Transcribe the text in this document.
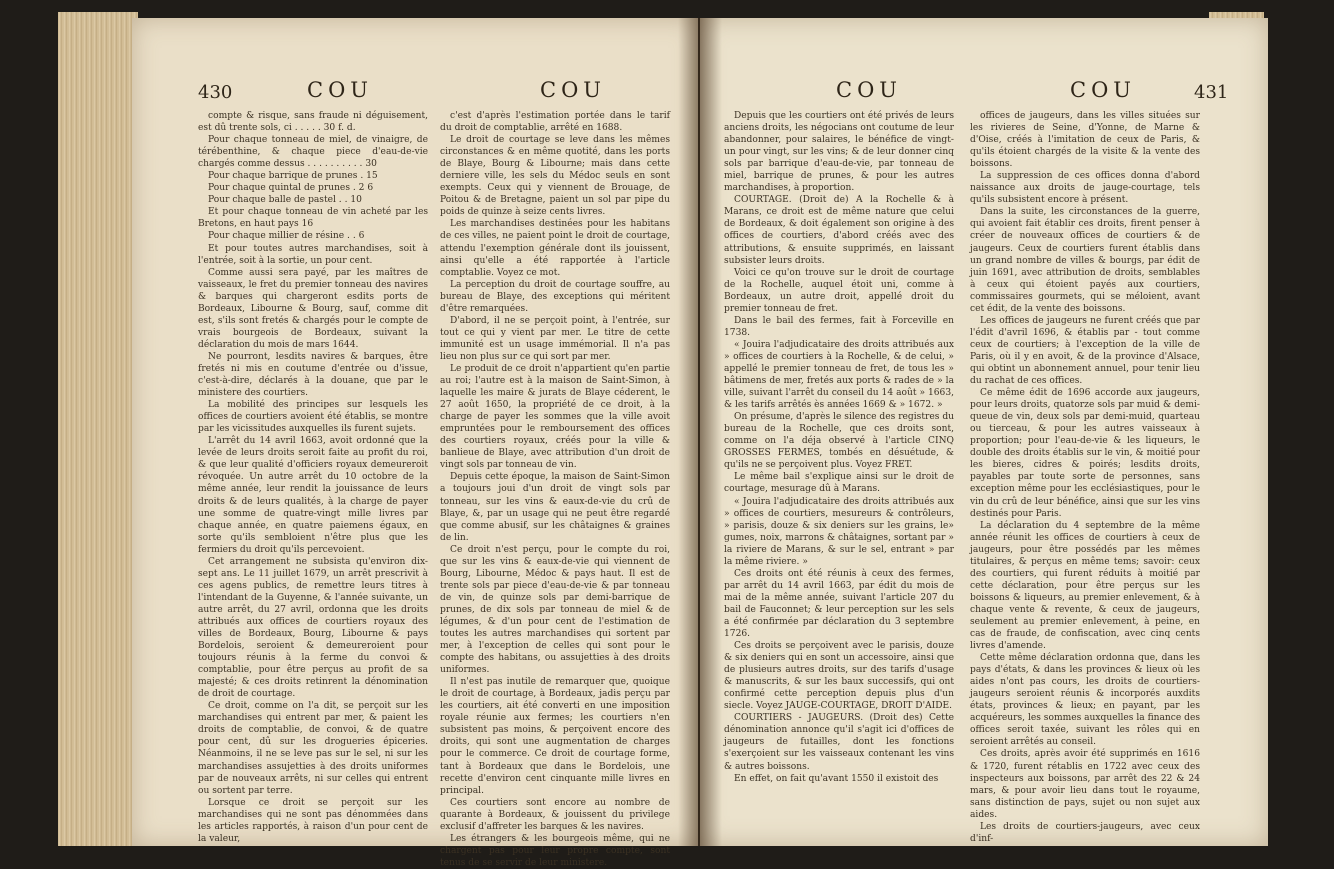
430	COU	COU

compte & risque, sans fraude ni déguisement, est dû trente sols, ci . . . . . 30 f. d.

Pour chaque tonneau de miel, de vinaigre, de térébenthine, & chaque piece d'eau-de-vie chargés comme dessus . . . . . . . . . . 30

Pour chaque barrique de prunes . 15

Pour chaque quintal de prunes . 2 6

Pour chaque balle de pastel . . 10

Et pour chaque tonneau de vin acheté par les Bretons, en haut pays 16

Pour chaque millier de résine . . 6

Et pour toutes autres marchandises, soit à l'entrée, soit à la sortie, un pour cent.

Comme aussi sera payé, par les maîtres de vaisseaux, le fret du premier tonneau des navires & barques qui chargeront esdits ports de Bordeaux, Libourne & Bourg, sauf, comme dit est, s'ils sont fretés & chargés pour le compte de vrais bourgeois de Bordeaux, suivant la déclaration du mois de mars 1644.

Ne pourront, lesdits navires & barques, être fretés ni mis en coutume d'entrée ou d'issue, c'est-à-dire, déclarés à la douane, que par le ministere des courtiers.

La mobilité des principes sur lesquels les offices de courtiers avoient été établis, se montre par les vicissitudes auxquelles ils furent sujets.

L'arrêt du 14 avril 1663, avoit ordonné que la levée de leurs droits seroit faite au profit du roi, & que leur qualité d'officiers royaux demeureroit révoquée. Un autre arrêt du 10 octobre de la même année, leur rendit la jouissance de leurs droits & de leurs qualités, à la charge de payer une somme de quatre-vingt mille livres par chaque année, en quatre paiemens égaux, en sorte qu'ils sembloient n'être plus que les fermiers du droit qu'ils percevoient.

Cet arrangement ne subsista qu'environ dix-sept ans. Le 11 juillet 1679, un arrêt prescrivit à ces agens publics, de remettre leurs titres à l'intendant de la Guyenne, & l'année suivante, un autre arrêt, du 27 avril, ordonna que les droits attribués aux offices de courtiers royaux des villes de Bordeaux, Bourg, Libourne & pays Bordelois, seroient & demeureroient pour toujours réunis à la ferme du convoi & comptablie, pour être perçus au profit de sa majesté; & ces droits retinrent la dénomination de droit de courtage.

Ce droit, comme on l'a dit, se perçoit sur les marchandises qui entrent par mer, & paient les droits de comptablie, de convoi, & de quatre pour cent, dû sur les drogueries épiceries. Néanmoins, il ne se leve pas sur le sel, ni sur les marchandises assujetties à des droits uniformes par de nouveaux arrêts, ni sur celles qui entrent ou sortent par terre.

Lorsque ce droit se perçoit sur les marchandises qui ne sont pas dénommées dans les articles rapportés, à raison d'un pour cent de la valeur,

c'est d'après l'estimation portée dans le tarif du droit de comptablie, arrêté en 1688.

Le droit de courtage se leve dans les mêmes circonstances & en même quotité, dans les ports de Blaye, Bourg & Libourne; mais dans cette derniere ville, les sels du Médoc seuls en sont exempts. Ceux qui y viennent de Brouage, de Poitou & de Bretagne, paient un sol par pipe du poids de quinze à seize cents livres.

Les marchandises destinées pour les habitans de ces villes, ne paient point le droit de courtage, attendu l'exemption générale dont ils jouissent, ainsi qu'elle a été rapportée à l'article comptablie. Voyez ce mot.

La perception du droit de courtage souffre, au bureau de Blaye, des exceptions qui méritent d'être remarquées.

D'abord, il ne se perçoit point, à l'entrée, sur tout ce qui y vient par mer. Le titre de cette immunité est un usage immémorial. Il n'a pas lieu non plus sur ce qui sort par mer.

Le produit de ce droit n'appartient qu'en partie au roi; l'autre est à la maison de Saint-Simon, à laquelle les maire & jurats de Blaye céderent, le 27 août 1650, la propriété de ce droit, à la charge de payer les sommes que la ville avoit empruntées pour le remboursement des offices des courtiers royaux, créés pour la ville & banlieue de Blaye, avec attribution d'un droit de vingt sols par tonneau de vin.

Depuis cette époque, la maison de Saint-Simon a toujours joui d'un droit de vingt sols par tonneau, sur les vins & eaux-de-vie du crû de Blaye, &, par un usage qui ne peut être regardé que comme abusif, sur les châtaignes & graines de lin.

Ce droit n'est perçu, pour le compte du roi, que sur les vins & eaux-de-vie qui viennent de Bourg, Libourne, Médoc & pays haut. Il est de trente sols par piece d'eau-de-vie & par tonneau de vin, de quinze sols par demi-barrique de prunes, de dix sols par tonneau de miel & de légumes, & d'un pour cent de l'estimation de toutes les autres marchandises qui sortent par mer, à l'exception de celles qui sont pour le compte des habitans, ou assujetties à des droits uniformes.

Il n'est pas inutile de remarquer que, quoique le droit de courtage, à Bordeaux, jadis perçu par les courtiers, ait été converti en une imposition royale réunie aux fermes; les courtiers n'en subsistent pas moins, & perçoivent encore des droits, qui sont une augmentation de charges pour le commerce. Ce droit de courtage forme, tant à Bordeaux que dans le Bordelois, une recette d'environ cent cinquante mille livres en principal.

Ces courtiers sont encore au nombre de quarante à Bordeaux, & jouissent du privilege exclusif d'affreter les barques & les navires.

Les étrangers & les bourgeois même, qui ne chargent pas pour leur propre compte, sont tenus de se servir de leur ministere.

COU	COU	431

Depuis que les courtiers ont été privés de leurs anciens droits, les négocians ont coutume de leur abandonner, pour salaires, le bénéfice de vingt-un pour vingt, sur les vins; & de leur donner cinq sols par barrique d'eau-de-vie, par tonneau de miel, barrique de prunes, & pour les autres marchandises, à proportion.

COURTAGE. (Droit de) A la Rochelle & à Marans, ce droit est de même nature que celui de Bordeaux, & doit également son origine à des offices de courtiers, d'abord créés avec des attributions, & ensuite supprimés, en laissant subsister leurs droits.

Voici ce qu'on trouve sur le droit de courtage de la Rochelle, auquel étoit uni, comme à Bordeaux, un autre droit, appellé droit du premier tonneau de fret.

Dans le bail des fermes, fait à Forceville en 1738.

« Jouira l'adjudicataire des droits attribués aux » offices de courtiers à la Rochelle, & de celui, » appellé le premier tonneau de fret, de tous les » bâtimens de mer, fretés aux ports & rades de » la ville, suivant l'arrêt du conseil du 14 août » 1663, & les tarifs arrêtés ès années 1669 & » 1672. »

On présume, d'après le silence des registres du bureau de la Rochelle, que ces droits sont, comme on l'a déja observé à l'article CINQ GROSSES FERMES, tombés en désuétude, & qu'ils ne se perçoivent plus. Voyez FRET.

Le même bail s'explique ainsi sur le droit de courtage, mesurage dû à Marans.

« Jouira l'adjudicataire des droits attribués aux » offices de courtiers, mesureurs & contrôleurs, » parisis, douze & six deniers sur les grains, le» gumes, noix, marrons & châtaignes, sortant par » la riviere de Marans, & sur le sel, entrant » par la même riviere. »

Ces droits ont été réunis à ceux des fermes, par arrêt du 14 avril 1663, par édit du mois de mai de la même année, suivant l'article 207 du bail de Fauconnet; & leur perception sur les sels a été confirmée par déclaration du 3 septembre 1726.

Ces droits se perçoivent avec le parisis, douze & six deniers qui en sont un accessoire, ainsi que de plusieurs autres droits, sur des tarifs d'usage & manuscrits, & sur les baux successifs, qui ont confirmé cette perception depuis plus d'un siecle. Voyez JAUGE-COURTAGE, DROIT D'AIDE.

COURTIERS - JAUGEURS. (Droit des) Cette dénomination annonce qu'il s'agit ici d'offices de jaugeurs de futailles, dont les fonctions s'exerçoient sur les vaisseaux contenant les vins & autres boissons.

En effet, on fait qu'avant 1550 il existoit des

offices de jaugeurs, dans les villes situées sur les rivieres de Seine, d'Yonne, de Marne & d'Oise, créés à l'imitation de ceux de Paris, & qu'ils étoient chargés de la visite & la vente des boissons.

La suppression de ces offices donna d'abord naissance aux droits de jauge-courtage, tels qu'ils subsistent encore à présent.

Dans la suite, les circonstances de la guerre, qui avoient fait établir ces droits, firent penser à créer de nouveaux offices de courtiers & de jaugeurs. Ceux de courtiers furent établis dans un grand nombre de villes & bourgs, par édit de juin 1691, avec attribution de droits, semblables à ceux qui étoient payés aux courtiers, commissaires gourmets, qui se méloient, avant cet édit, de la vente des boissons.

Les offices de jaugeurs ne furent créés que par l'édit d'avril 1696, & établis par - tout comme ceux de courtiers; à l'exception de la ville de Paris, où il y en avoit, & de la province d'Alsace, qui obtint un abonnement annuel, pour tenir lieu du rachat de ces offices.

Ce même édit de 1696 accorde aux jaugeurs, pour leurs droits, quatorze sols par muid & demi-queue de vin, deux sols par demi-muid, quarteau ou tierceau, & pour les autres vaisseaux à proportion; pour l'eau-de-vie & les liqueurs, le double des droits établis sur le vin, & moitié pour les bieres, cidres & poirés; lesdits droits, payables par toute sorte de personnes, sans exception même pour les ecclésiastiques, pour le vin du crû de leur bénéfice, ainsi que sur les vins destinés pour Paris.

La déclaration du 4 septembre de la même année réunit les offices de courtiers à ceux de jaugeurs, pour être possédés par les mêmes titulaires, & perçus en même tems; savoir: ceux des courtiers, qui furent réduits à moitié par cette déclaration, pour être perçus sur les boissons & liqueurs, au premier enlevement, & à chaque vente & revente, & ceux de jaugeurs, seulement au premier enlevement, à peine, en cas de fraude, de confiscation, avec cinq cents livres d'amende.

Cette même déclaration ordonna que, dans les pays d'états, & dans les provinces & lieux où les aides n'ont pas cours, les droits de courtiers-jaugeurs seroient réunis & incorporés auxdits états, provinces & lieux; en payant, par les acquéreurs, les sommes auxquelles la finance des offices seroit taxée, suivant les rôles qui en seroient arrêtés au conseil.

Ces droits, après avoir été supprimés en 1616 & 1720, furent rétablis en 1722 avec ceux des inspecteurs aux boissons, par arrêt des 22 & 24 mars, & pour avoir lieu dans tout le royaume, sans distinction de pays, sujet ou non sujet aux aides.

Les droits de courtiers-jaugeurs, avec ceux d'inf-
